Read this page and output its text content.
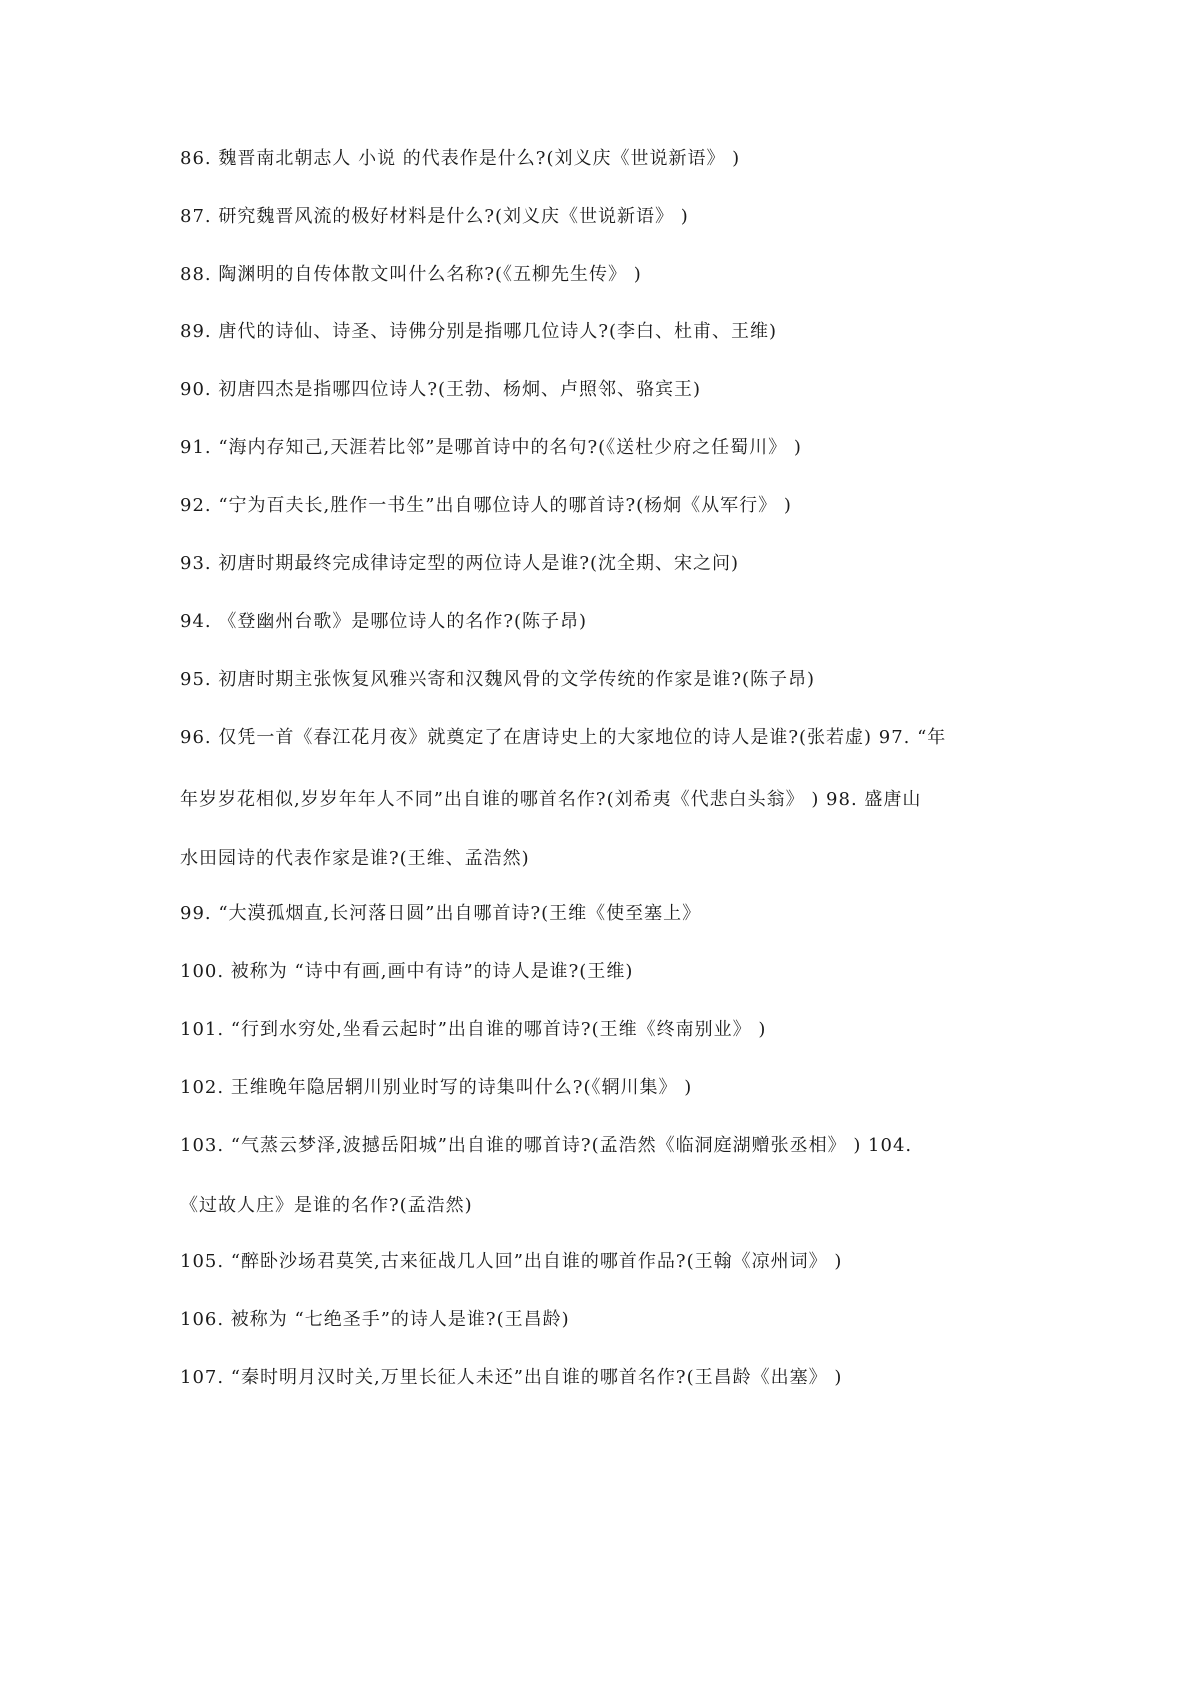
86. 魏晋南北朝志人 小说 的代表作是什么?(刘义庆《世说新语》 )
87. 研究魏晋风流的极好材料是什么?(刘义庆《世说新语》 )
88. 陶渊明的自传体散文叫什么名称?(《五柳先生传》 )
89. 唐代的诗仙、诗圣、诗佛分别是指哪几位诗人?(李白、杜甫、王维)
90. 初唐四杰是指哪四位诗人?(王勃、杨炯、卢照邻、骆宾王)
91. “海内存知己,天涯若比邻”是哪首诗中的名句?(《送杜少府之任蜀川》 )
92. “宁为百夫长,胜作一书生”出自哪位诗人的哪首诗?(杨炯《从军行》 )
93. 初唐时期最终完成律诗定型的两位诗人是谁?(沈全期、宋之问)
94. 《登幽州台歌》是哪位诗人的名作?(陈子昂)
95. 初唐时期主张恢复风雅兴寄和汉魏风骨的文学传统的作家是谁?(陈子昂)
96. 仅凭一首《春江花月夜》就奠定了在唐诗史上的大家地位的诗人是谁?(张若虚) 97. “年
年岁岁花相似,岁岁年年人不同”出自谁的哪首名作?(刘希夷《代悲白头翁》 ) 98. 盛唐山
水田园诗的代表作家是谁?(王维、孟浩然)
99. “大漠孤烟直,长河落日圆”出自哪首诗?(王维《使至塞上》
100. 被称为 “诗中有画,画中有诗”的诗人是谁?(王维)
101. “行到水穷处,坐看云起时”出自谁的哪首诗?(王维《终南别业》 )
102. 王维晚年隐居辋川别业时写的诗集叫什么?(《辋川集》 )
103. “气蒸云梦泽,波撼岳阳城”出自谁的哪首诗?(孟浩然《临洞庭湖赠张丞相》 ) 104.
《过故人庄》是谁的名作?(孟浩然)
105. “醉卧沙场君莫笑,古来征战几人回”出自谁的哪首作品?(王翰《凉州词》 )
106. 被称为 “七绝圣手”的诗人是谁?(王昌龄)
107. “秦时明月汉时关,万里长征人未还”出自谁的哪首名作?(王昌龄《出塞》 )
